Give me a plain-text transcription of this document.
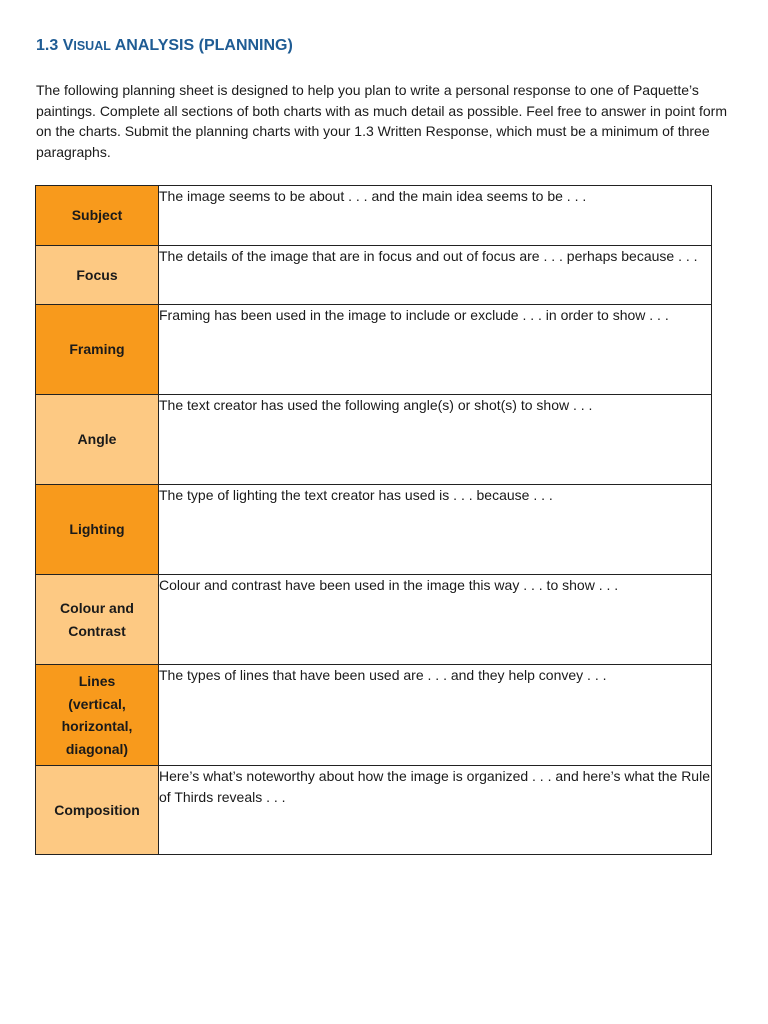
1.3 VISUAL ANALYSIS (PLANNING)

The following planning sheet is designed to help you plan to write a personal response to one of Paquette’s paintings. Complete all sections of both charts with as much detail as possible. Feel free to answer in point form on the charts. Submit the planning charts with your 1.3 Written Response, which must be a minimum of three paragraphs.

Subject	The image seems to be about . . . and the main idea seems to be . . .
Focus	The details of the image that are in focus and out of focus are . . . perhaps because . . .
Framing	Framing has been used in the image to include or exclude . . . in order to show . . .
Angle	The text creator has used the following angle(s) or shot(s) to show . . .
Lighting	The type of lighting the text creator has used is . . . because . . .
Colour and Contrast	Colour and contrast have been used in the image this way . . . to show . . .
Lines (vertical, horizontal, diagonal)	The types of lines that have been used are . . . and they help convey . . .
Composition	Here’s what’s noteworthy about how the image is organized . . . and here’s what the Rule of Thirds reveals . . .
